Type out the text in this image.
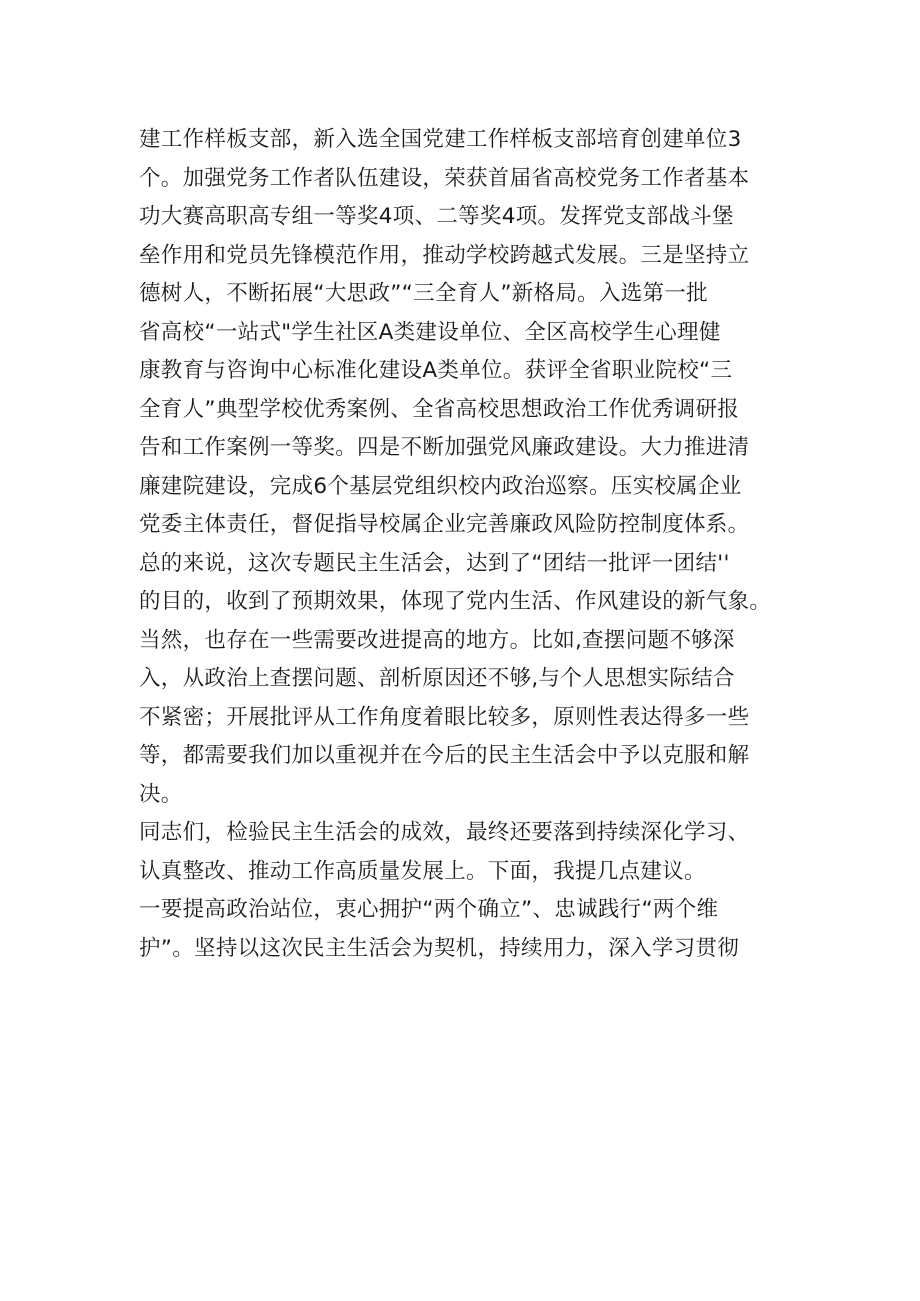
建工作样板支部，新入选全国党建工作样板支部培育创建单位3
个。加强党务工作者队伍建设，荣获首届省高校党务工作者基本
功大赛高职高专组一等奖4项、二等奖4项。发挥党支部战斗堡
垒作用和党员先锋模范作用，推动学校跨越式发展。三是坚持立
德树人，不断拓展“大思政”“三全育人”新格局。入选第一批
省高校“一站式"学生社区A类建设单位、全区高校学生心理健
康教育与咨询中心标准化建设A类单位。获评全省职业院校“三
全育人”典型学校优秀案例、全省高校思想政治工作优秀调研报
告和工作案例一等奖。四是不断加强党风廉政建设。大力推进清
廉建院建设，完成6个基层党组织校内政治巡察。压实校属企业
党委主体责任，督促指导校属企业完善廉政风险防控制度体系。
总的来说，这次专题民主生活会，达到了“团结一批评一团结''
的目的，收到了预期效果，体现了党内生活、作风建设的新气象。
当然，也存在一些需要改进提高的地方。比如,查摆问题不够深
入，从政治上查摆问题、剖析原因还不够,与个人思想实际结合
不紧密；开展批评从工作角度着眼比较多，原则性表达得多一些
等，都需要我们加以重视并在今后的民主生活会中予以克服和解
决。
同志们，检验民主生活会的成效，最终还要落到持续深化学习、
认真整改、推动工作高质量发展上。下面，我提几点建议。
一要提高政治站位，衷心拥护“两个确立”、忠诚践行“两个维
护”。坚持以这次民主生活会为契机，持续用力，深入学习贯彻
